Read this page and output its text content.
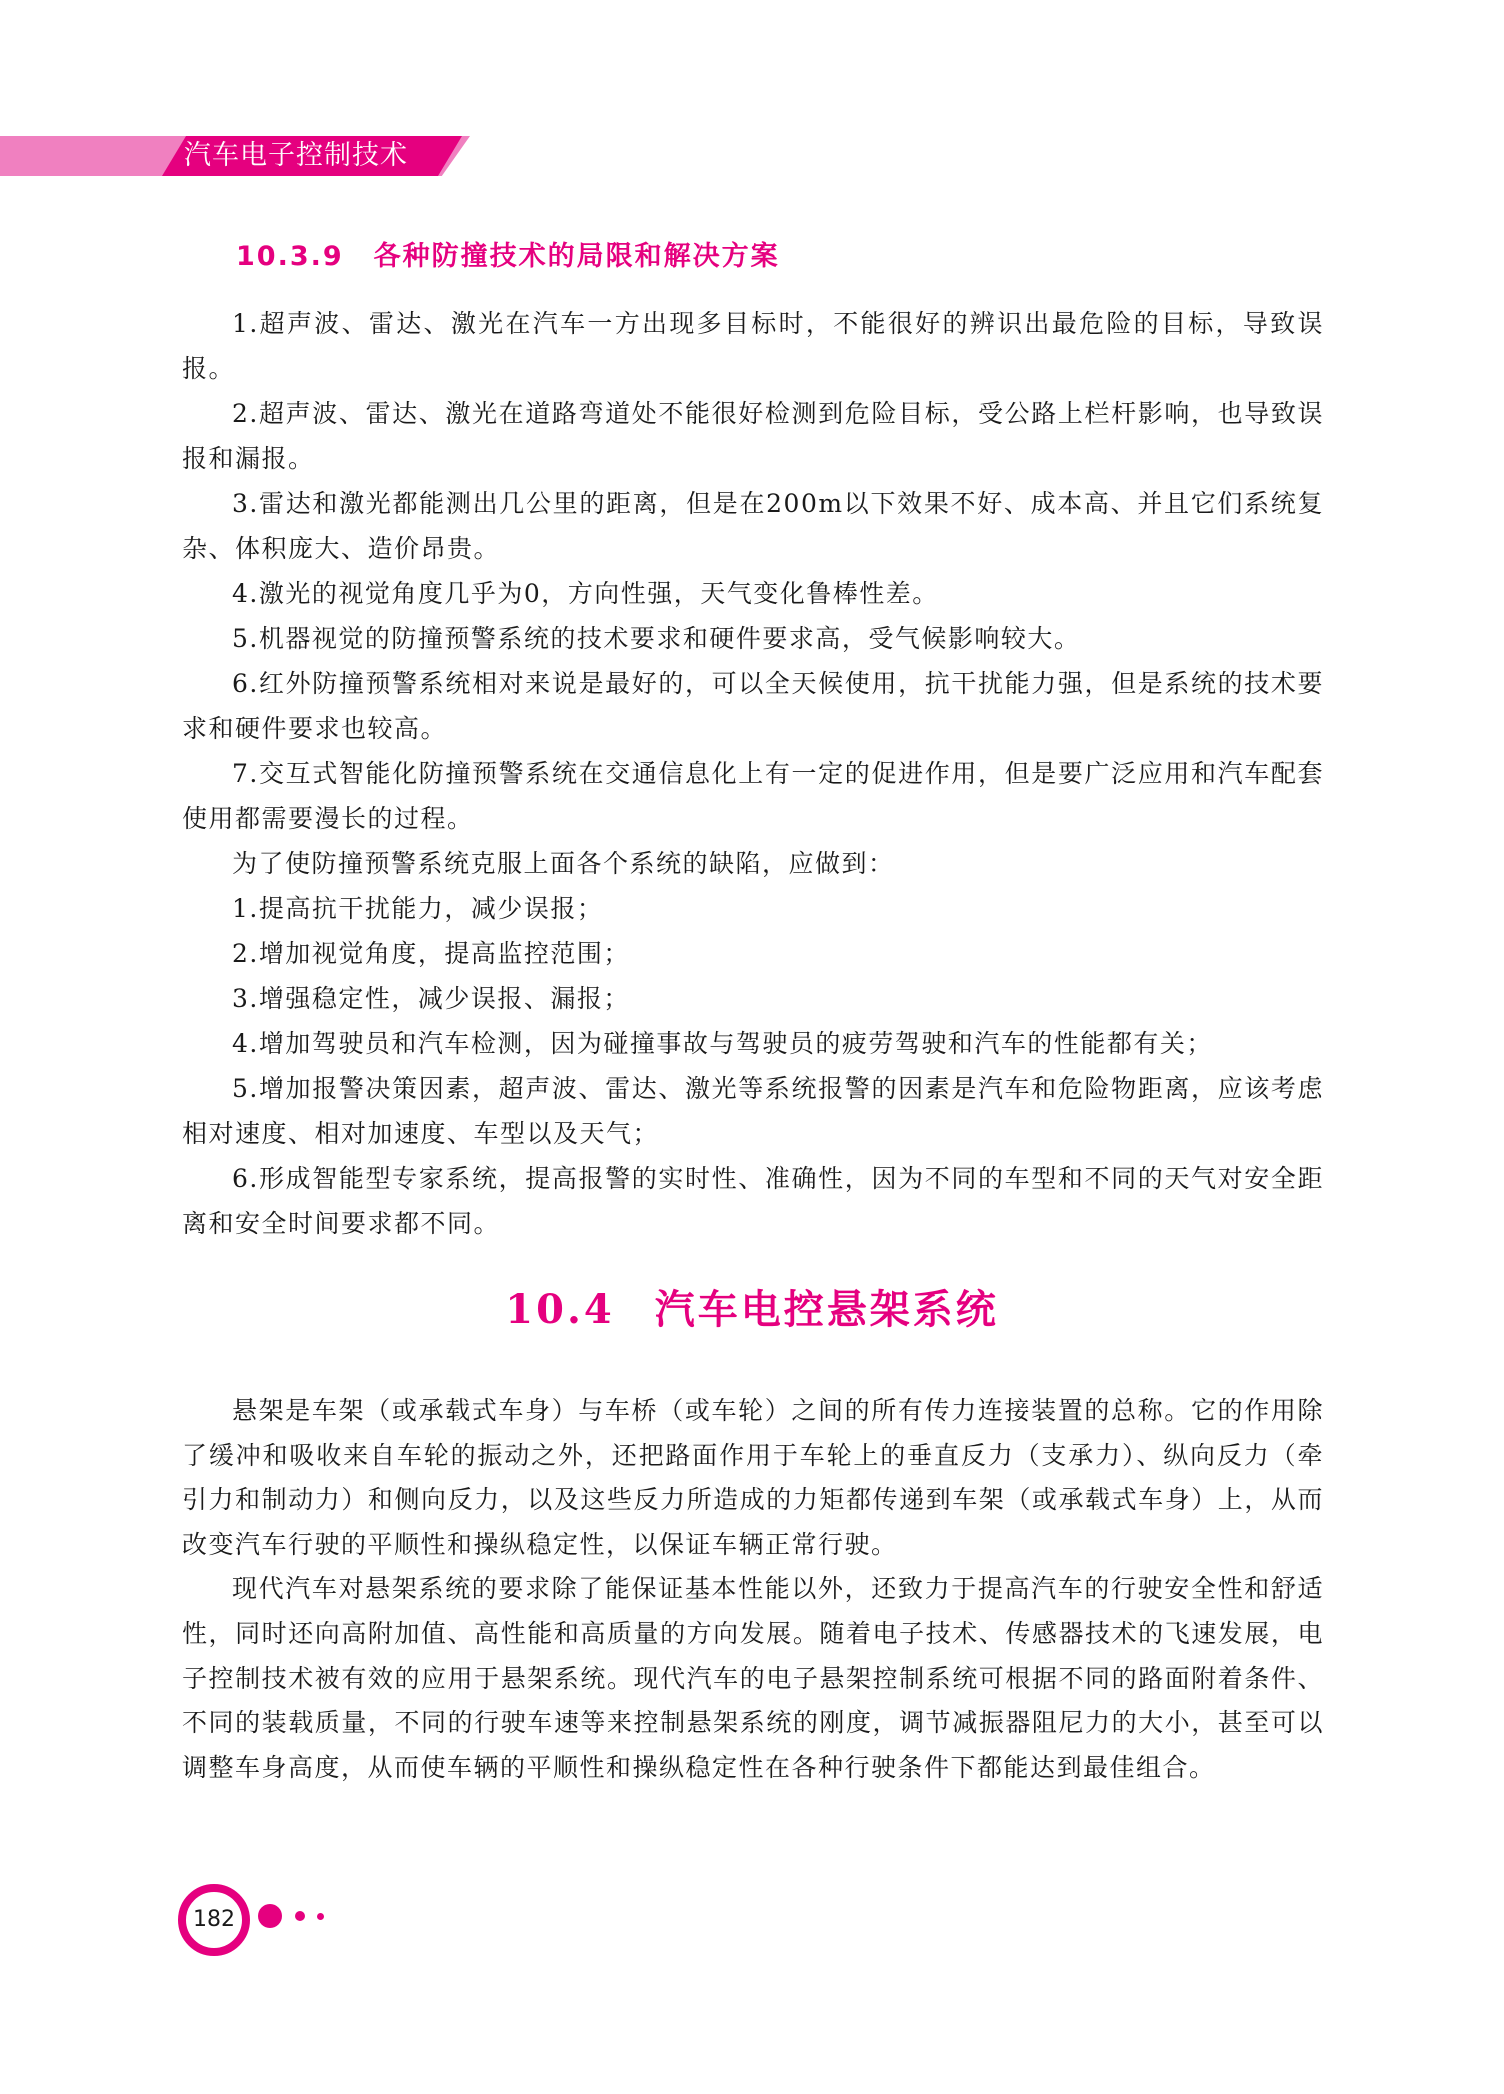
汽车电子控制技术
10.3.9 各种防撞技术的局限和解决方案

1.超声波、雷达、激光在汽车一方出现多目标时，不能很好的辨识出最危险的目标，导致误报。

2.超声波、雷达、激光在道路弯道处不能很好检测到危险目标，受公路上栏杆影响，也导致误报和漏报。

3.雷达和激光都能测出几公里的距离，但是在200m以下效果不好、成本高、并且它们系统复杂、体积庞大、造价昂贵。

4.激光的视觉角度几乎为0，方向性强，天气变化鲁棒性差。

5.机器视觉的防撞预警系统的技术要求和硬件要求高，受气候影响较大。

6.红外防撞预警系统相对来说是最好的，可以全天候使用，抗干扰能力强，但是系统的技术要求和硬件要求也较高。

7.交互式智能化防撞预警系统在交通信息化上有一定的促进作用，但是要广泛应用和汽车配套使用都需要漫长的过程。

为了使防撞预警系统克服上面各个系统的缺陷，应做到：

1.提高抗干扰能力，减少误报；

2.增加视觉角度，提高监控范围；

3.增强稳定性，减少误报、漏报；

4.增加驾驶员和汽车检测，因为碰撞事故与驾驶员的疲劳驾驶和汽车的性能都有关；

5.增加报警决策因素，超声波、雷达、激光等系统报警的因素是汽车和危险物距离，应该考虑相对速度、相对加速度、车型以及天气；

6.形成智能型专家系统，提高报警的实时性、准确性，因为不同的车型和不同的天气对安全距离和安全时间要求都不同。

10.4 汽车电控悬架系统

悬架是车架（或承载式车身）与车桥（或车轮）之间的所有传力连接装置的总称。它的作用除了缓冲和吸收来自车轮的振动之外，还把路面作用于车轮上的垂直反力（支承力）、纵向反力（牵引力和制动力）和侧向反力，以及这些反力所造成的力矩都传递到车架（或承载式车身）上，从而改变汽车行驶的平顺性和操纵稳定性，以保证车辆正常行驶。

现代汽车对悬架系统的要求除了能保证基本性能以外，还致力于提高汽车的行驶安全性和舒适性，同时还向高附加值、高性能和高质量的方向发展。随着电子技术、传感器技术的飞速发展，电子控制技术被有效的应用于悬架系统。现代汽车的电子悬架控制系统可根据不同的路面附着条件、不同的装载质量，不同的行驶车速等来控制悬架系统的刚度，调节减振器阻尼力的大小，甚至可以调整车身高度，从而使车辆的平顺性和操纵稳定性在各种行驶条件下都能达到最佳组合。

182
